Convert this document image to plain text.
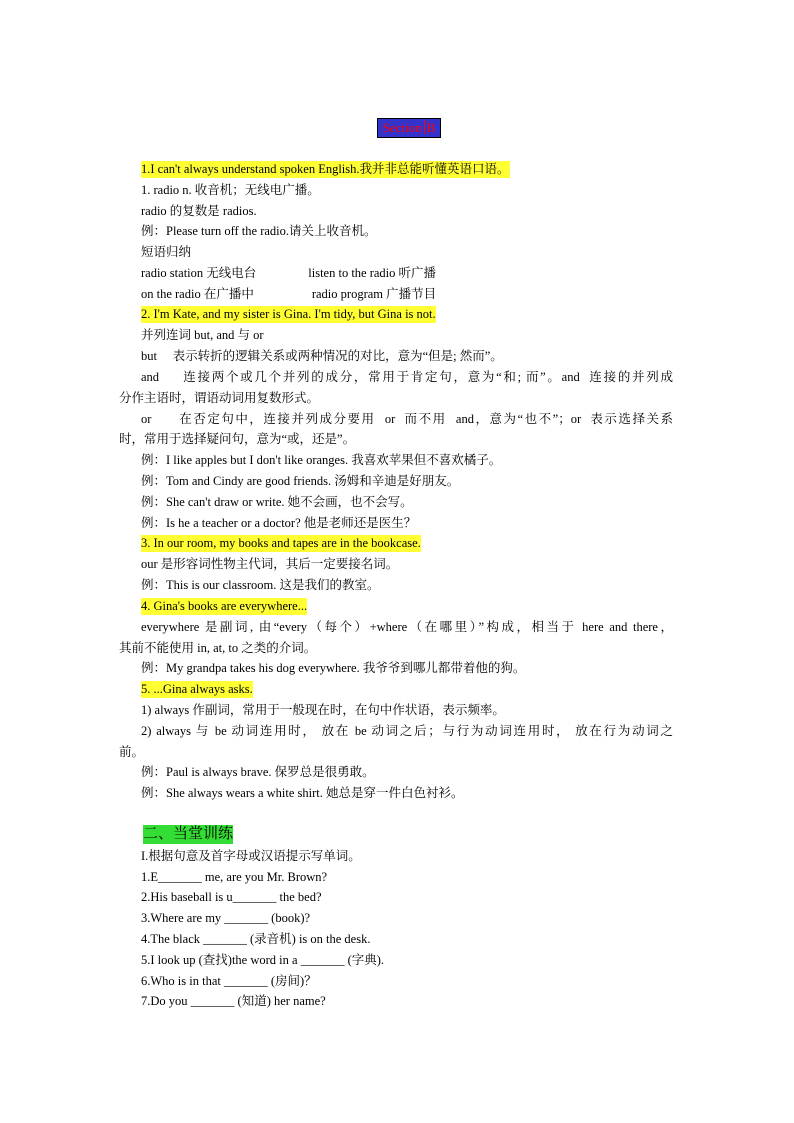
Section B
1.I can't always understand spoken English.我并非总能听懂英语口语。
1. radio n. 收音机；无线电广播。
radio 的复数是 radios.
例：Please turn off the radio.请关上收音机。
短语归纳
radio station 无线电台	listen to the radio 听广播
on the radio 在广播中	radio program 广播节目
2. I'm Kate, and my sister is Gina. I'm tidy, but Gina is not.
并列连词 but, and 与 or
but     表示转折的逻辑关系或两种情况的对比，意为“但是; 然而”。
and     连接两个或几个并列的成分，常用于肯定句，意为“和; 而”。and  连接的并列成
分作主语时，谓语动词用复数形式。
or      在否定句中，连接并列成分要用  or  而不用  and，意为“也不”；or  表示选择关系
时，常用于选择疑问句，意为“或，还是”。
例：I like apples but I don't like oranges. 我喜欢苹果但不喜欢橘子。
例：Tom and Cindy are good friends. 汤姆和辛迪是好朋友。
例：She can't draw or write. 她不会画，也不会写。
例：Is he a teacher or a doctor? 他是老师还是医生？
3. In our room, my books and tapes are in the bookcase.
our 是形容词性物主代词，其后一定要接名词。
例：This is our classroom. 这是我们的教室。
4. Gina's books are everywhere...
everywhere 是副词, 由“every（每个）+where（在哪里）”构成，相当于 here and there，
其前不能使用 in, at, to 之类的介词。
例：My grandpa takes his dog everywhere. 我爷爷到哪儿都带着他的狗。
5. ...Gina always asks.
1) always 作副词，常用于一般现在时，在句中作状语，表示频率。
2) always 与 be 动词连用时， 放在 be 动词之后；与行为动词连用时， 放在行为动词之
前。
例：Paul is always brave. 保罗总是很勇敢。
例：She always wears a white shirt. 她总是穿一件白色衬衫。
二、当堂训练
I.根据句意及首字母或汉语提示写单词。
1.E_______ me, are you Mr. Brown?
2.His baseball is u_______ the bed?
3.Where are my _______ (book)?
4.The black _______ (录音机) is on the desk.
5.I look up (查找)the word in a _______ (字典).
6.Who is in that _______ (房间)？
7.Do you _______ (知道) her name?
